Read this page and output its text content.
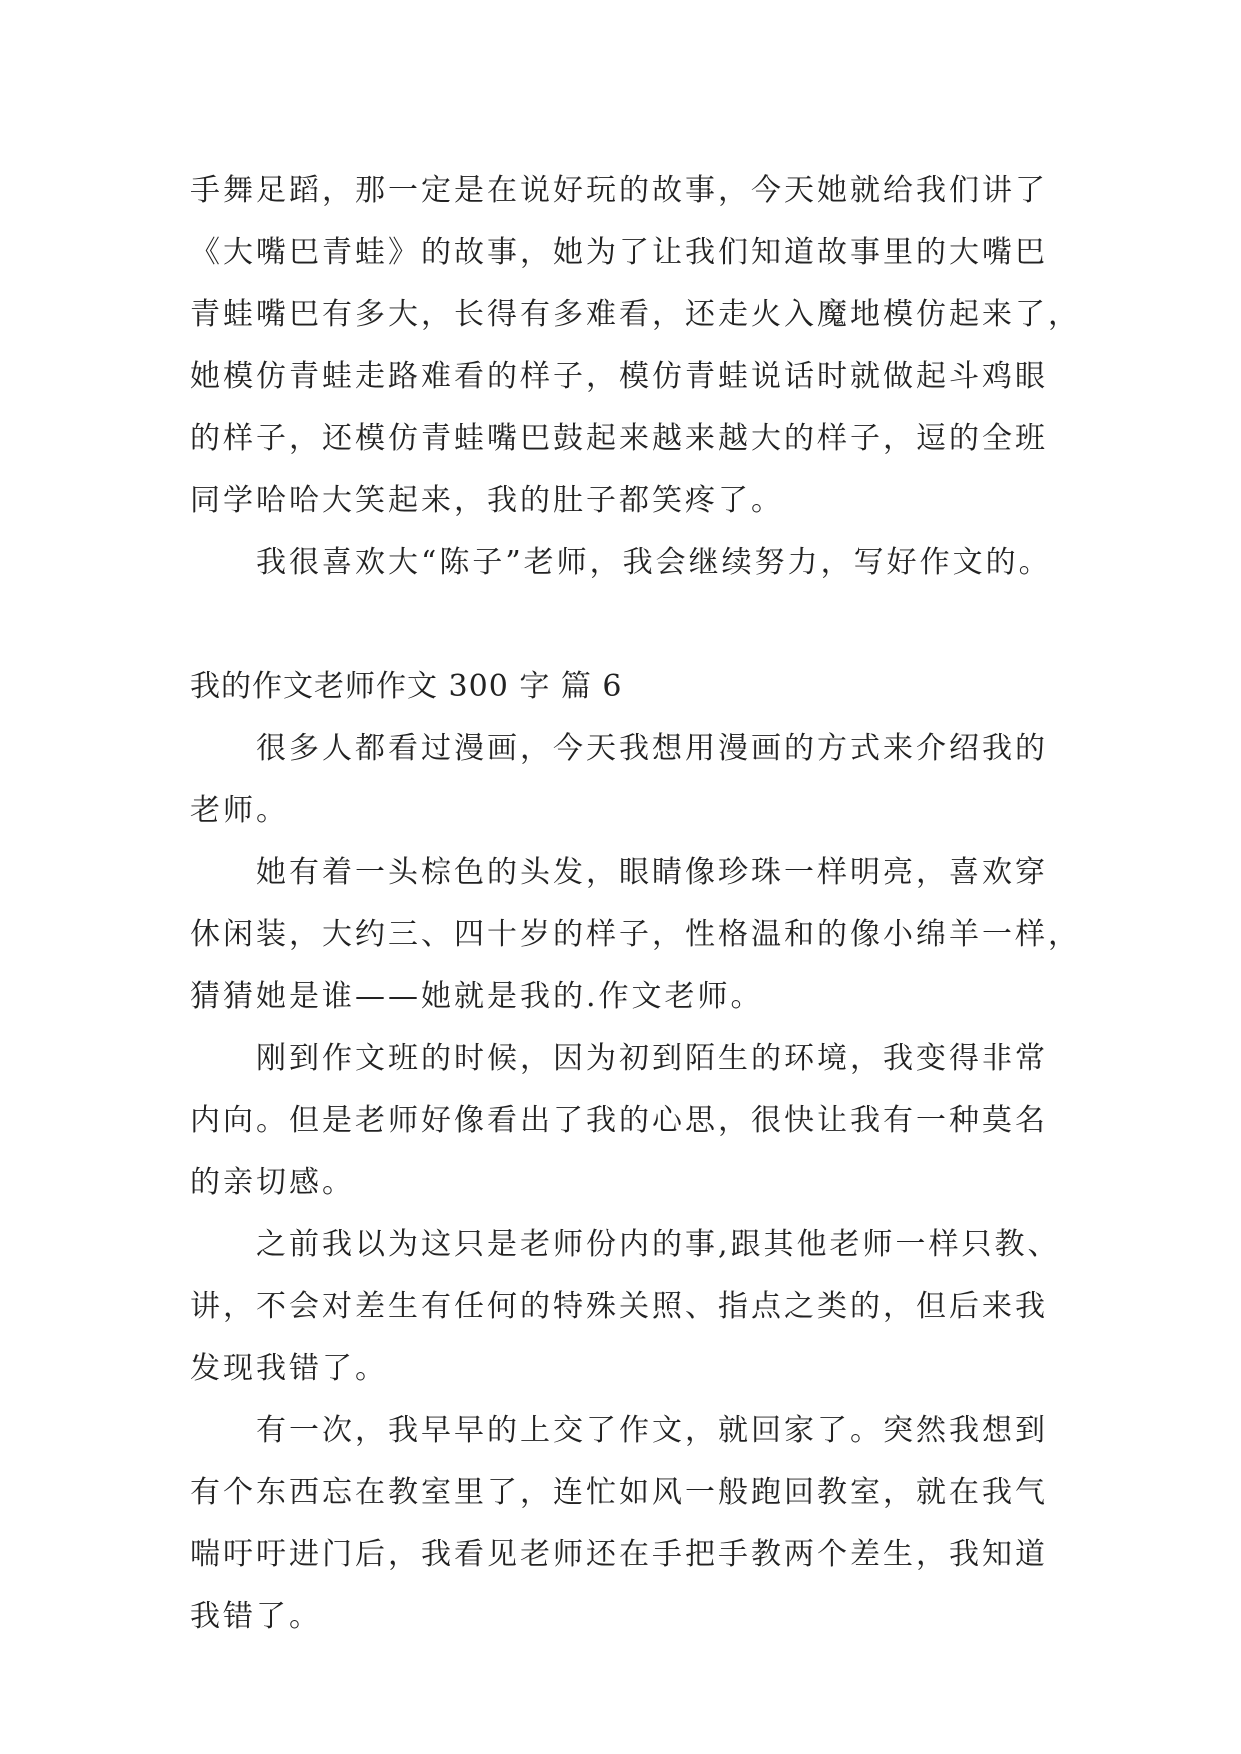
手舞足蹈，那一定是在说好玩的故事，今天她就给我们讲了
《大嘴巴青蛙》的故事，她为了让我们知道故事里的大嘴巴
青蛙嘴巴有多大，长得有多难看，还走火入魔地模仿起来了，
她模仿青蛙走路难看的样子，模仿青蛙说话时就做起斗鸡眼
的样子，还模仿青蛙嘴巴鼓起来越来越大的样子，逗的全班
同学哈哈大笑起来，我的肚子都笑疼了。
我很喜欢大“陈子”老师，我会继续努力，写好作文的。
我的作文老师作文 300 字 篇 6
很多人都看过漫画，今天我想用漫画的方式来介绍我的
老师。
她有着一头棕色的头发，眼睛像珍珠一样明亮，喜欢穿
休闲装，大约三、四十岁的样子，性格温和的像小绵羊一样，
猜猜她是谁——她就是我的.作文老师。
刚到作文班的时候，因为初到陌生的环境，我变得非常
内向。但是老师好像看出了我的心思，很快让我有一种莫名
的亲切感。
之前我以为这只是老师份内的事,跟其他老师一样只教、
讲，不会对差生有任何的特殊关照、指点之类的，但后来我
发现我错了。
有一次，我早早的上交了作文，就回家了。突然我想到
有个东西忘在教室里了，连忙如风一般跑回教室，就在我气
喘吁吁进门后，我看见老师还在手把手教两个差生，我知道
我错了。
